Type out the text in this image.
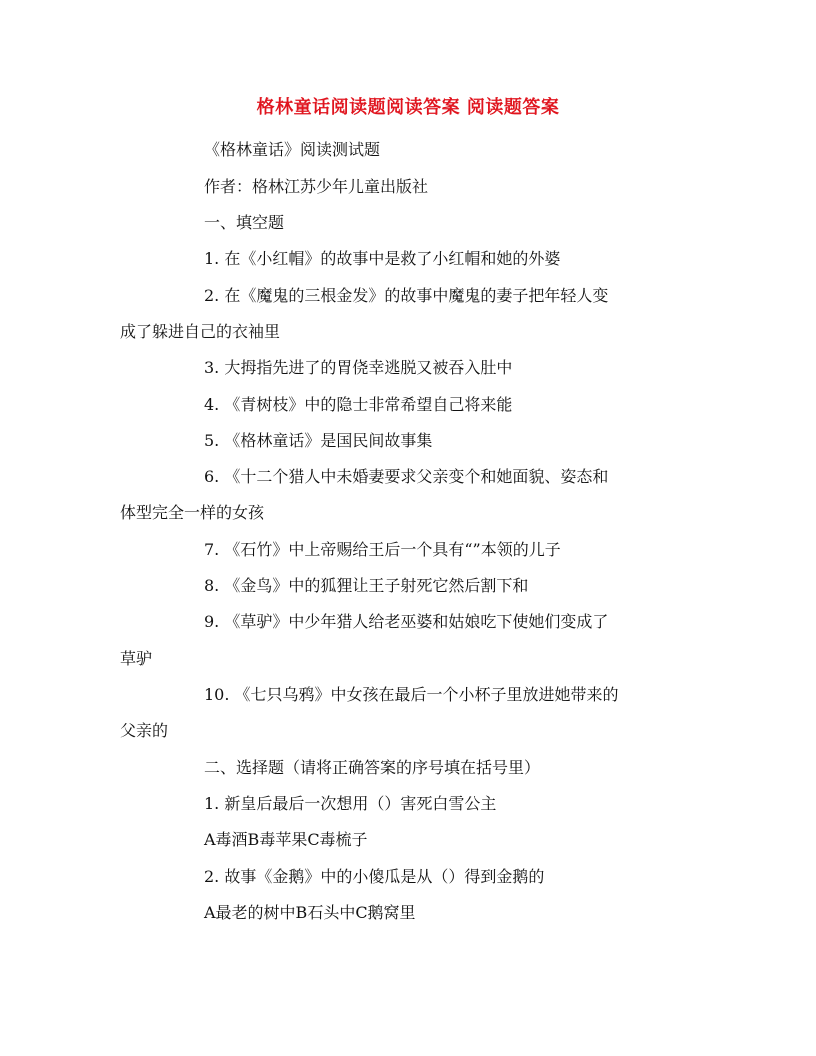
格林童话阅读题阅读答案 阅读题答案
《格林童话》阅读测试题
作者：格林江苏少年儿童出版社
一、填空题
1. 在《小红帽》的故事中是救了小红帽和她的外婆
2. 在《魔鬼的三根金发》的故事中魔鬼的妻子把年轻人变
成了躲进自己的衣袖里
3. 大拇指先进了的胃侥幸逃脱又被吞入肚中
4. 《青树枝》中的隐士非常希望自己将来能
5. 《格林童话》是国民间故事集
6. 《十二个猎人中未婚妻要求父亲变个和她面貌、姿态和
体型完全一样的女孩
7. 《石竹》中上帝赐给王后一个具有“”本领的儿子
8. 《金鸟》中的狐狸让王子射死它然后割下和
9. 《草驴》中少年猎人给老巫婆和姑娘吃下使她们变成了
草驴
10. 《七只乌鸦》中女孩在最后一个小杯子里放进她带来的
父亲的
二、选择题（请将正确答案的序号填在括号里）
1. 新皇后最后一次想用（）害死白雪公主
A毒酒B毒苹果C毒梳子
2. 故事《金鹅》中的小傻瓜是从（）得到金鹅的
A最老的树中B石头中C鹅窝里
